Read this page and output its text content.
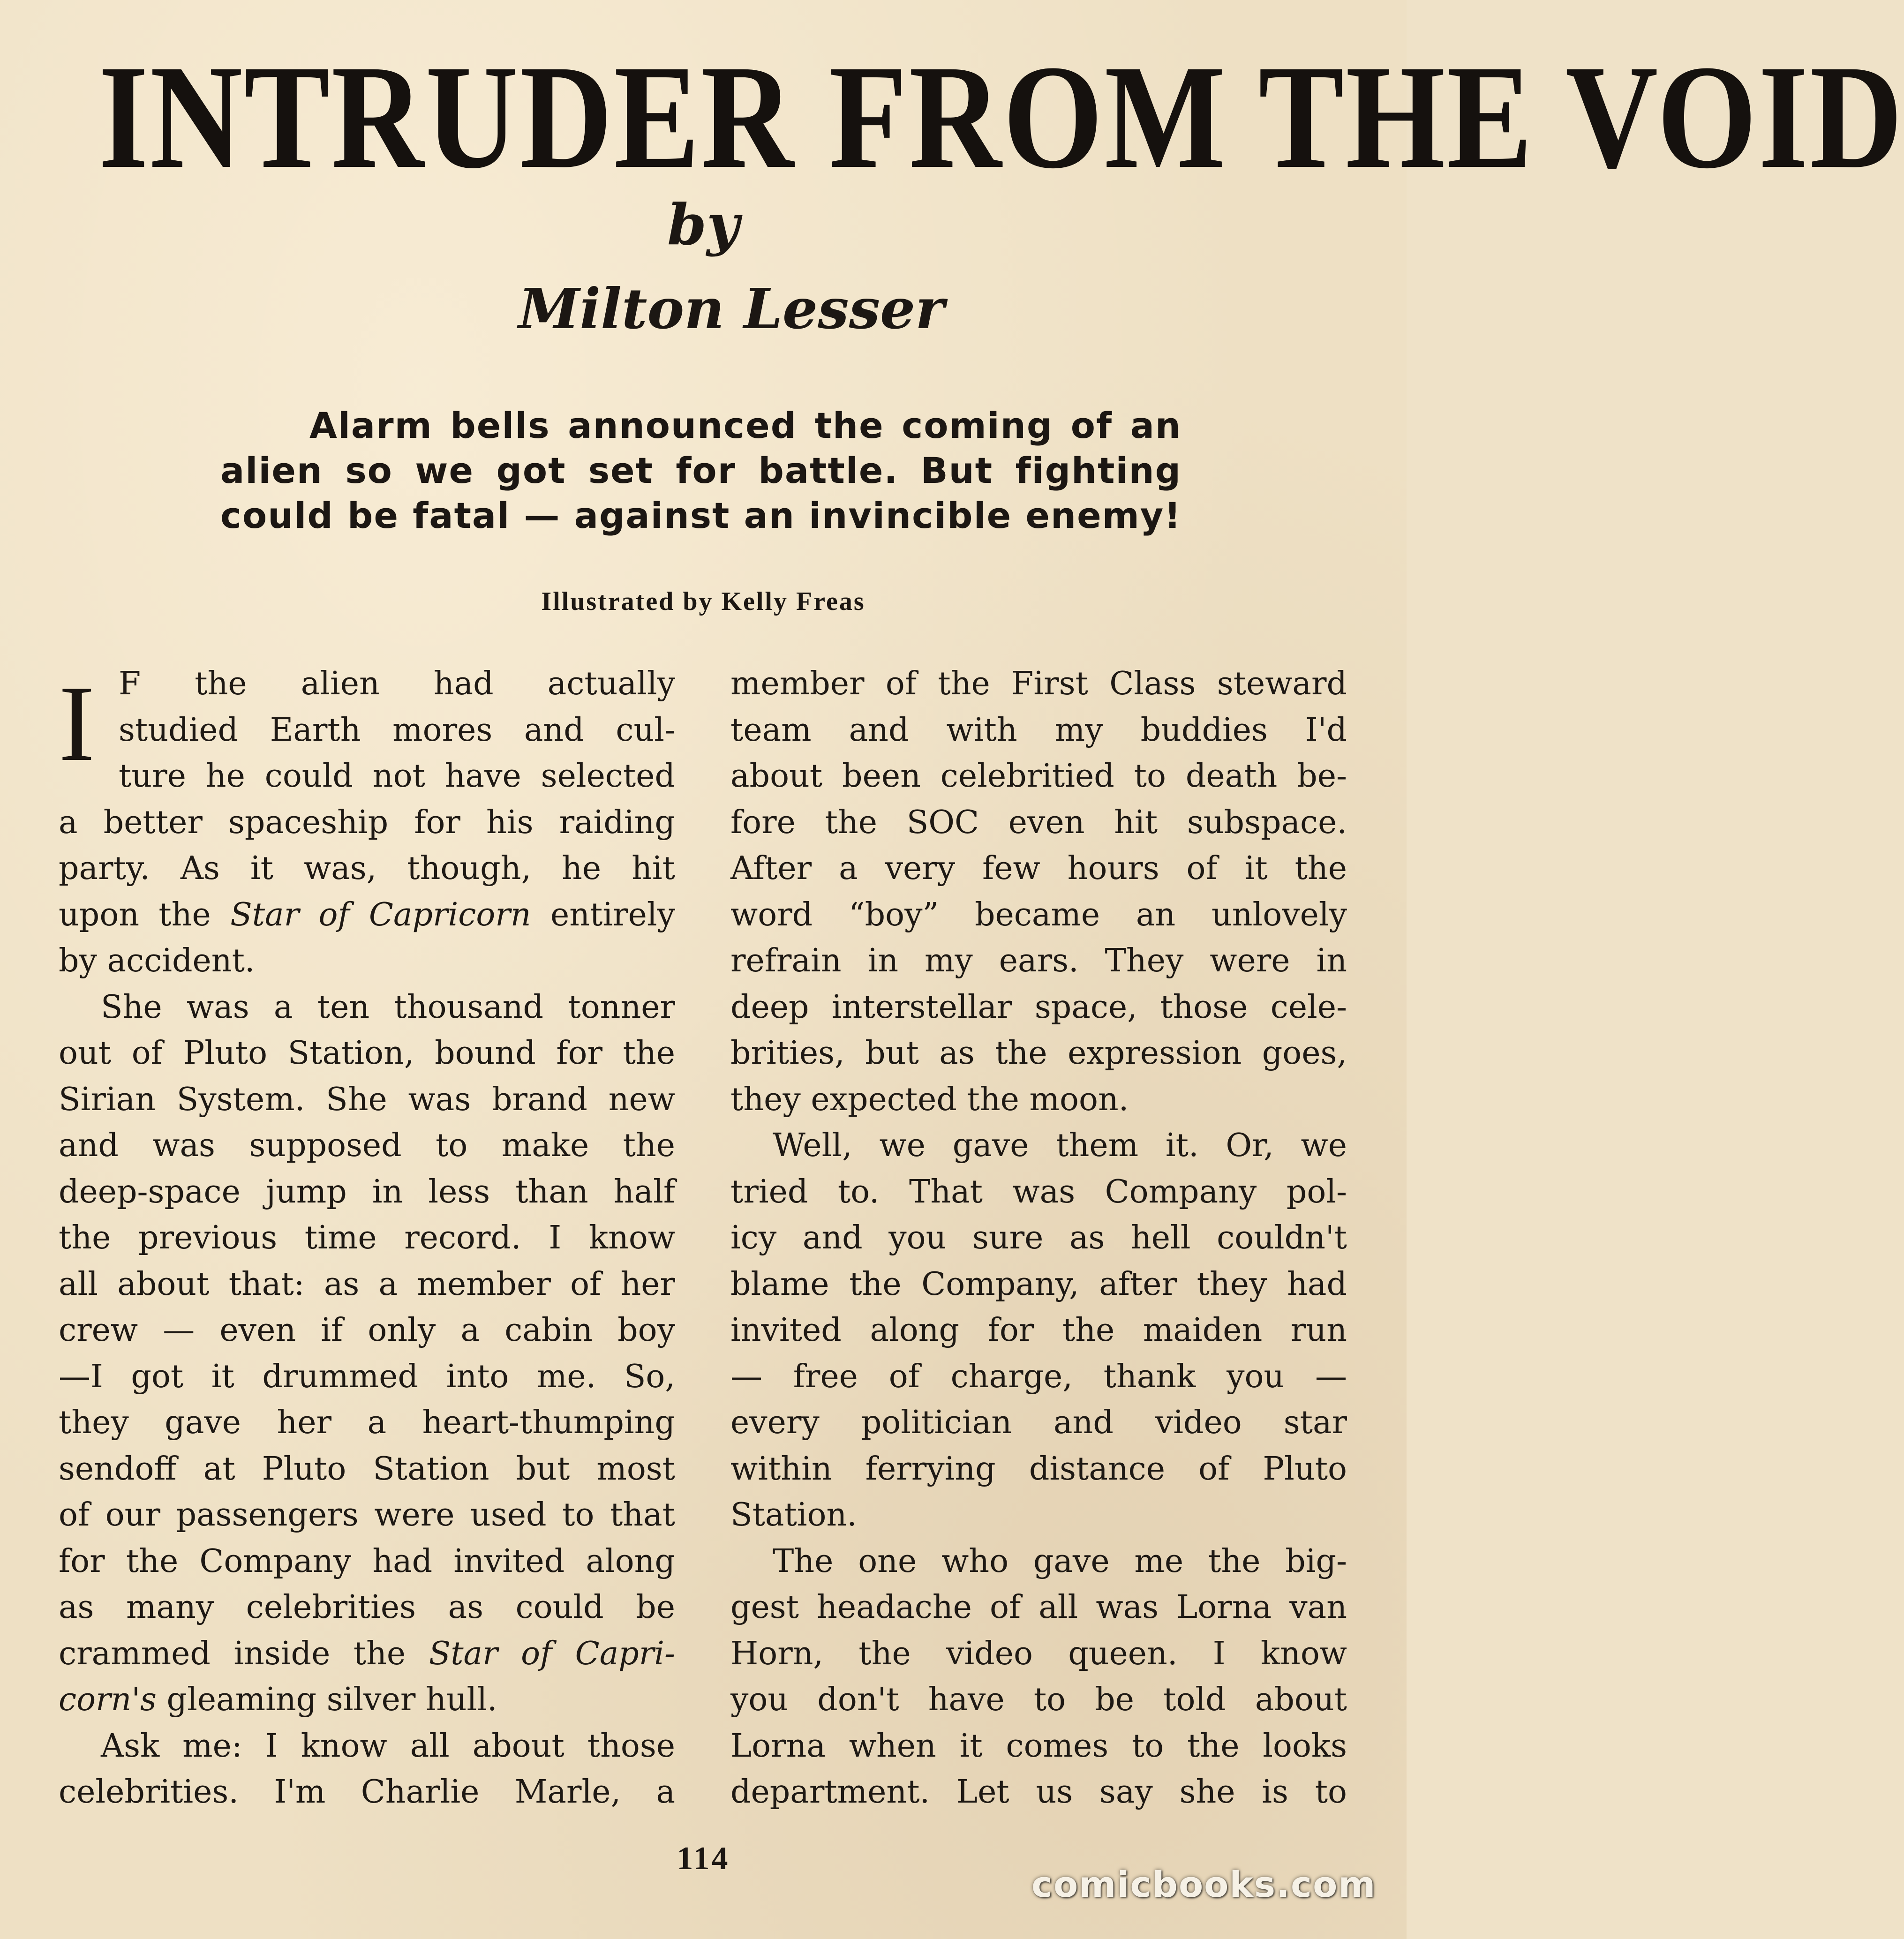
INTRUDER FROM THE VOID
by
Milton Lesser
Alarm bells announced the coming of an
alien so we got set for battle. But fighting
could be fatal — against an invincible enemy!
Illustrated by Kelly Freas
I F the alien had actually
studied Earth mores and cul-
ture he could not have selected
a better spaceship for his raiding
party. As it was, though, he hit
upon the Star of Capricorn entirely
by accident.
She was a ten thousand tonner
out of Pluto Station, bound for the
Sirian System. She was brand new
and was supposed to make the
deep-space jump in less than half
the previous time record. I know
all about that: as a member of her
crew — even if only a cabin boy
—I got it drummed into me. So,
they gave her a heart-thumping
sendoff at Pluto Station but most
of our passengers were used to that
for the Company had invited along
as many celebrities as could be
crammed inside the Star of Capri-
corn's gleaming silver hull.
Ask me: I know all about those
celebrities. I'm Charlie Marle, a
member of the First Class steward
team and with my buddies I'd
about been celebritied to death be-
fore the SOC even hit subspace.
After a very few hours of it the
word “boy” became an unlovely
refrain in my ears. They were in
deep interstellar space, those cele-
brities, but as the expression goes,
they expected the moon.
Well, we gave them it. Or, we
tried to. That was Company pol-
icy and you sure as hell couldn't
blame the Company, after they had
invited along for the maiden run
— free of charge, thank you —
every politician and video star
within ferrying distance of Pluto
Station.
The one who gave me the big-
gest headache of all was Lorna van
Horn, the video queen. I know
you don't have to be told about
Lorna when it comes to the looks
department. Let us say she is to
114
comicbooks.com
